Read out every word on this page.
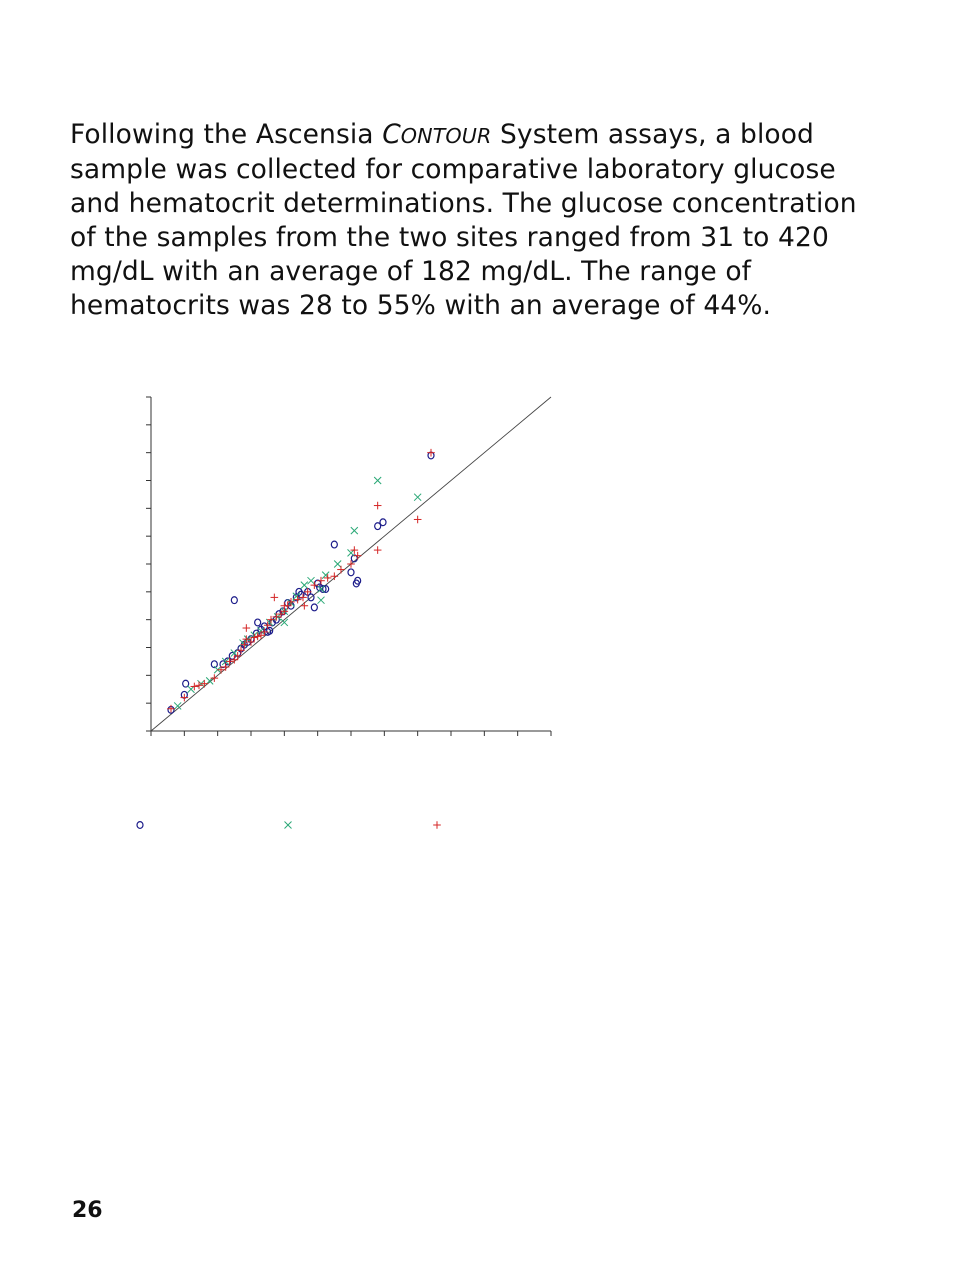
Following the Ascensia CONTOUR System assays, a blood sample was collected for comparative laboratory glucose and hematocrit determinations. The glucose concentration of the samples from the two sites ranged from 31 to 420 mg/dL with an average of 182 mg/dL. The range of hematocrits was 28 to 55% with an average of 44%.
26
